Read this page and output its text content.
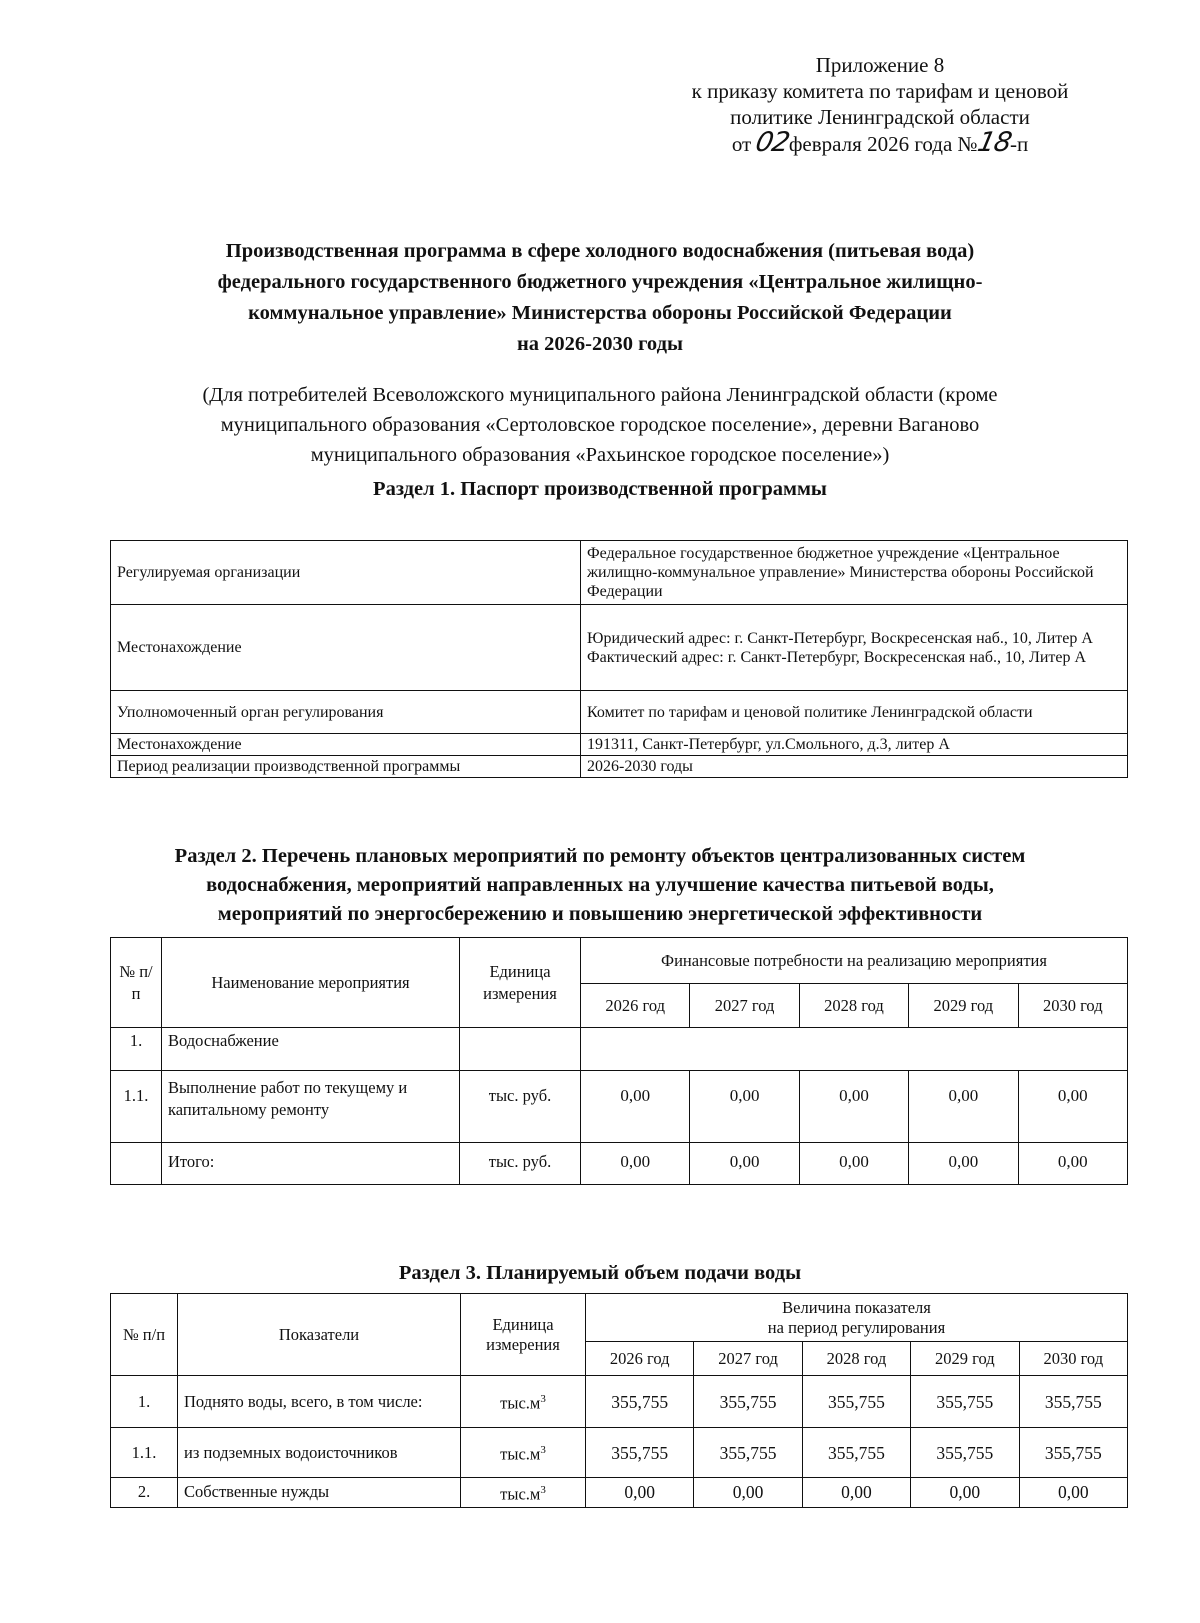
Приложение 8
к приказу комитета по тарифам и ценовой
политике Ленинградской области
от 02февраля 2026 года №18-п
Производственная программа в сфере холодного водоснабжения (питьевая вода)
федерального государственного бюджетного учреждения «Центральное жилищно-
коммунальное управление» Министерства обороны Российской Федерации
на 2026-2030 годы
(Для потребителей Всеволожского муниципального района Ленинградской области (кроме
муниципального образования «Сертоловское городское поселение», деревни Ваганово
муниципального образования «Рахьинское городское поселение»)
Раздел 1. Паспорт производственной программы
Регулируемая организации	Федеральное государственное бюджетное учреждение «Центральное жилищно-коммунальное управление» Министерства обороны Российской Федерации
Местонахождение	Юридический адрес: г. Санкт-Петербург, Воскресенская наб., 10, Литер А Фактический адрес: г. Санкт-Петербург, Воскресенская наб., 10, Литер А
Уполномоченный орган регулирования	Комитет по тарифам и ценовой политике Ленинградской области
Местонахождение	191311, Санкт-Петербург, ул.Смольного, д.3, литер А
Период реализации производственной программы	2026-2030 годы
Раздел 2. Перечень плановых мероприятий по ремонту объектов централизованных систем
водоснабжения, мероприятий направленных на улучшение качества питьевой воды,
мероприятий по энергосбережению и повышению энергетической эффективности
№ п/п	Наименование мероприятия	Единица измерения	Финансовые потребности на реализацию мероприятия				
			2026 год	2027 год	2028 год	2029 год	2030 год
1.	Водоснабжение						
1.1.	Выполнение работ по текущему и капитальному ремонту	тыс. руб.	0,00	0,00	0,00	0,00	0,00
	Итого:	тыс. руб.	0,00	0,00	0,00	0,00	0,00
Раздел 3. Планируемый объем подачи воды
№ п/п	Показатели	Единица измерения	Величина показателя
на период регулирования				

			2026 год	2027 год	2028 год	2029 год	2030 год
1.	Поднято воды, всего, в том числе:	$тыс.м^3$	355,755	355,755	355,755	355,755	355,755
1.1.	из подземных водоисточников	$тыс.м^3$	355,755	355,755	355,755	355,755	355,755
2.	Собственные нужды	$тыс.м^3$	0,00	0,00	0,00	0,00	0,00
